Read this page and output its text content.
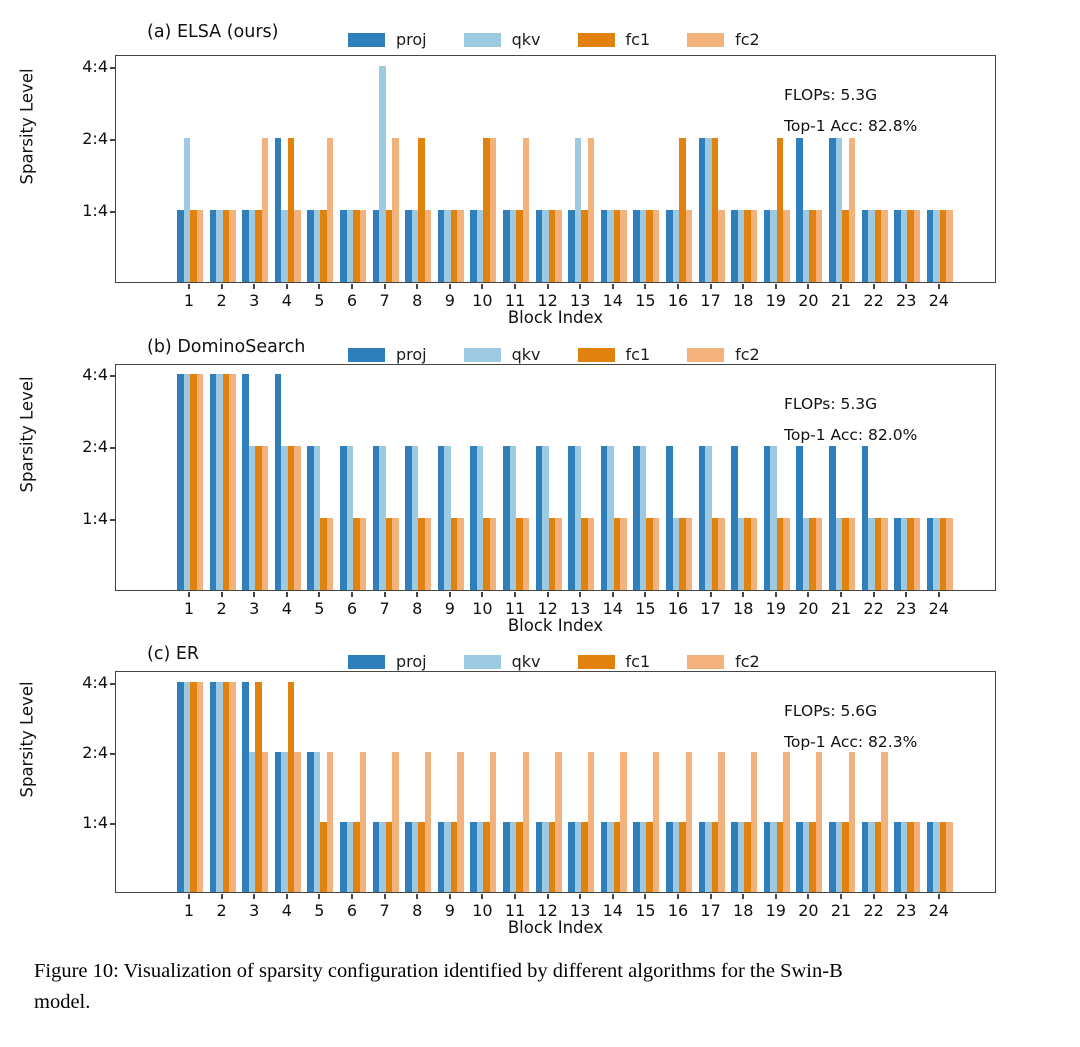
(a) ELSA (ours)	proj	qkv	fc1	fc2
Sparsity Level	FLOPs: 5.3G
Top-1 Acc: 82.8%
1 2 3 4 5 6 7 8 9 10 11 12 13 14 15 16 17 18 19 20 21 22 23 24
Block Index
(b) DominoSearch	proj	qkv	fc1	fc2
Sparsity Level	FLOPs: 5.3G
Top-1 Acc: 82.0%
1 2 3 4 5 6 7 8 9 10 11 12 13 14 15 16 17 18 19 20 21 22 23 24
Block Index
(c) ER	proj	qkv	fc1	fc2
Sparsity Level	FLOPs: 5.6G
Top-1 Acc: 82.3%
1 2 3 4 5 6 7 8 9 10 11 12 13 14 15 16 17 18 19 20 21 22 23 24
Block Index
Figure 10: Visualization of sparsity configuration identified by different algorithms for the Swin-B
model.
1:4
2:4
4:4
1:4
2:4
4:4
1:4
2:4
4:4
